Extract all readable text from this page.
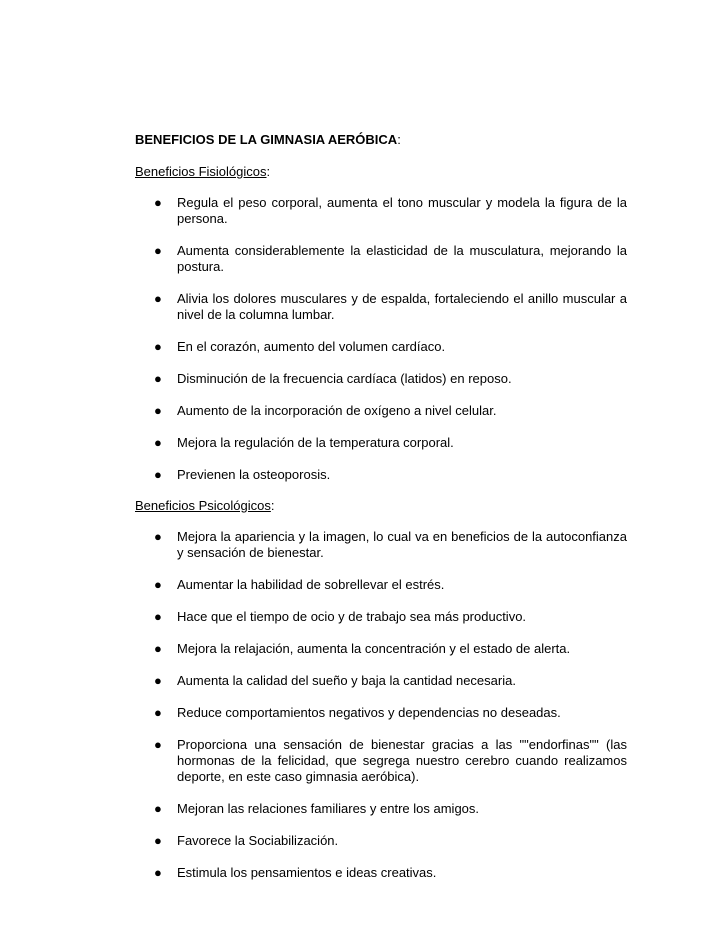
BENEFICIOS DE LA GIMNASIA AERÓBICA:
Beneficios Fisiológicos:
● Regula el peso corporal, aumenta el tono muscular y modela la figura de la persona.
● Aumenta considerablemente la elasticidad de la musculatura, mejorando la postura.
● Alivia los dolores musculares y de espalda, fortaleciendo el anillo muscular a nivel de la columna lumbar.
● En el corazón, aumento del volumen cardíaco.
● Disminución de la frecuencia cardíaca (latidos) en reposo.
● Aumento de la incorporación de oxígeno a nivel celular.
● Mejora la regulación de la temperatura corporal.
● Previenen la osteoporosis.
Beneficios Psicológicos:
● Mejora la apariencia y la imagen, lo cual va en beneficios de la autoconfianza y sensación de bienestar.
● Aumentar la habilidad de sobrellevar el estrés.
● Hace que el tiempo de ocio y de trabajo sea más productivo.
● Mejora la relajación, aumenta la concentración y el estado de alerta.
● Aumenta la calidad del sueño y baja la cantidad necesaria.
● Reduce comportamientos negativos y dependencias no deseadas.
● Proporciona una sensación de bienestar gracias a las ""endorfinas"" (las hormonas de la felicidad, que segrega nuestro cerebro cuando realizamos deporte, en este caso gimnasia aeróbica).
● Mejoran las relaciones familiares y entre los amigos.
● Favorece la Sociabilización.
● Estimula los pensamientos e ideas creativas.
